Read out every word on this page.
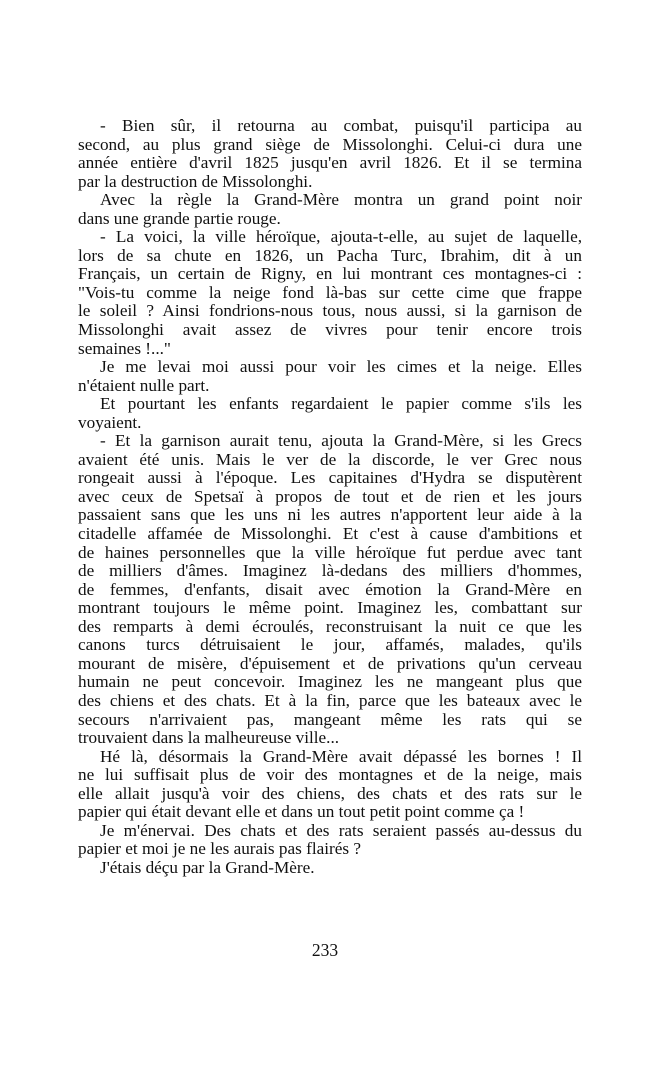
- Bien sûr, il retourna au combat, puisqu'il participa au
second, au plus grand siège de Missolonghi. Celui-ci dura une
année entière d'avril 1825 jusqu'en avril 1826. Et il se termina
par la destruction de Missolonghi.
Avec la règle la Grand-Mère montra un grand point noir
dans une grande partie rouge.
- La voici, la ville héroïque, ajouta-t-elle, au sujet de laquelle,
lors de sa chute en 1826, un Pacha Turc, Ibrahim, dit à un
Français, un certain de Rigny, en lui montrant ces montagnes-ci :
"Vois-tu comme la neige fond là-bas sur cette cime que frappe
le soleil ? Ainsi fondrions-nous tous, nous aussi, si la garnison de
Missolonghi avait assez de vivres pour tenir encore trois
semaines !..."
Je me levai moi aussi pour voir les cimes et la neige. Elles
n'étaient nulle part.
Et pourtant les enfants regardaient le papier comme s'ils les
voyaient.
- Et la garnison aurait tenu, ajouta la Grand-Mère, si les Grecs
avaient été unis. Mais le ver de la discorde, le ver Grec nous
rongeait aussi à l'époque. Les capitaines d'Hydra se disputèrent
avec ceux de Spetsaï à propos de tout et de rien et les jours
passaient sans que les uns ni les autres n'apportent leur aide à la
citadelle affamée de Missolonghi. Et c'est à cause d'ambitions et
de haines personnelles que la ville héroïque fut perdue avec tant
de milliers d'âmes. Imaginez là-dedans des milliers d'hommes,
de femmes, d'enfants, disait avec émotion la Grand-Mère en
montrant toujours le même point. Imaginez les, combattant sur
des remparts à demi écroulés, reconstruisant la nuit ce que les
canons turcs détruisaient le jour, affamés, malades, qu'ils
mourant de misère, d'épuisement et de privations qu'un cerveau
humain ne peut concevoir. Imaginez les ne mangeant plus que
des chiens et des chats. Et à la fin, parce que les bateaux avec le
secours n'arrivaient pas, mangeant même les rats qui se
trouvaient dans la malheureuse ville...
Hé là, désormais la Grand-Mère avait dépassé les bornes ! Il
ne lui suffisait plus de voir des montagnes et de la neige, mais
elle allait jusqu'à voir des chiens, des chats et des rats sur le
papier qui était devant elle et dans un tout petit point comme ça !
Je m'énervai. Des chats et des rats seraient passés au-dessus du
papier et moi je ne les aurais pas flairés ?
J'étais déçu par la Grand-Mère.
233
